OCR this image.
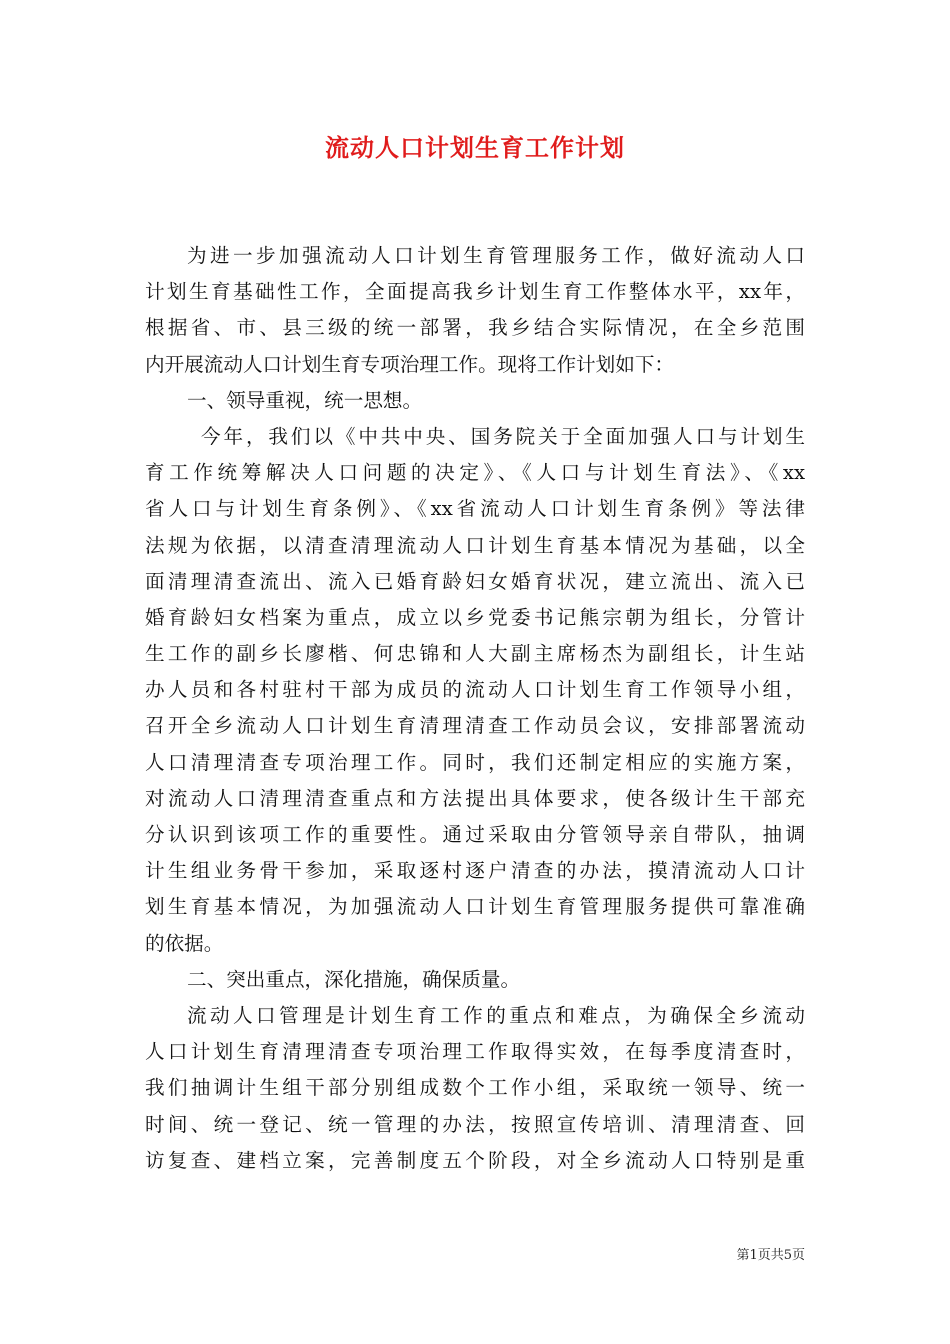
流动人口计划生育工作计划
为进一步加强流动人口计划生育管理服务工作，做好流动人口
计划生育基础性工作，全面提高我乡计划生育工作整体水平，xx年，
根据省、市、县三级的统一部署，我乡结合实际情况，在全乡范围
内开展流动人口计划生育专项治理工作。现将工作计划如下：
一、领导重视，统一思想。
今年，我们以《中共中央、国务院关于全面加强人口与计划生
育工作统筹解决人口问题的决定》、《人口与计划生育法》、《xx
省人口与计划生育条例》、《xx省流动人口计划生育条例》等法律
法规为依据，以清查清理流动人口计划生育基本情况为基础，以全
面清理清查流出、流入已婚育龄妇女婚育状况，建立流出、流入已
婚育龄妇女档案为重点，成立以乡党委书记熊宗朝为组长，分管计
生工作的副乡长廖楷、何忠锦和人大副主席杨杰为副组长，计生站
办人员和各村驻村干部为成员的流动人口计划生育工作领导小组，
召开全乡流动人口计划生育清理清查工作动员会议，安排部署流动
人口清理清查专项治理工作。同时，我们还制定相应的实施方案，
对流动人口清理清查重点和方法提出具体要求，使各级计生干部充
分认识到该项工作的重要性。通过采取由分管领导亲自带队，抽调
计生组业务骨干参加，采取逐村逐户清查的办法，摸清流动人口计
划生育基本情况，为加强流动人口计划生育管理服务提供可靠准确
的依据。
二、突出重点，深化措施，确保质量。
流动人口管理是计划生育工作的重点和难点，为确保全乡流动
人口计划生育清理清查专项治理工作取得实效，在每季度清查时，
我们抽调计生组干部分别组成数个工作小组，采取统一领导、统一
时间、统一登记、统一管理的办法，按照宣传培训、清理清查、回
访复查、建档立案，完善制度五个阶段，对全乡流动人口特别是重
第1页共5页
